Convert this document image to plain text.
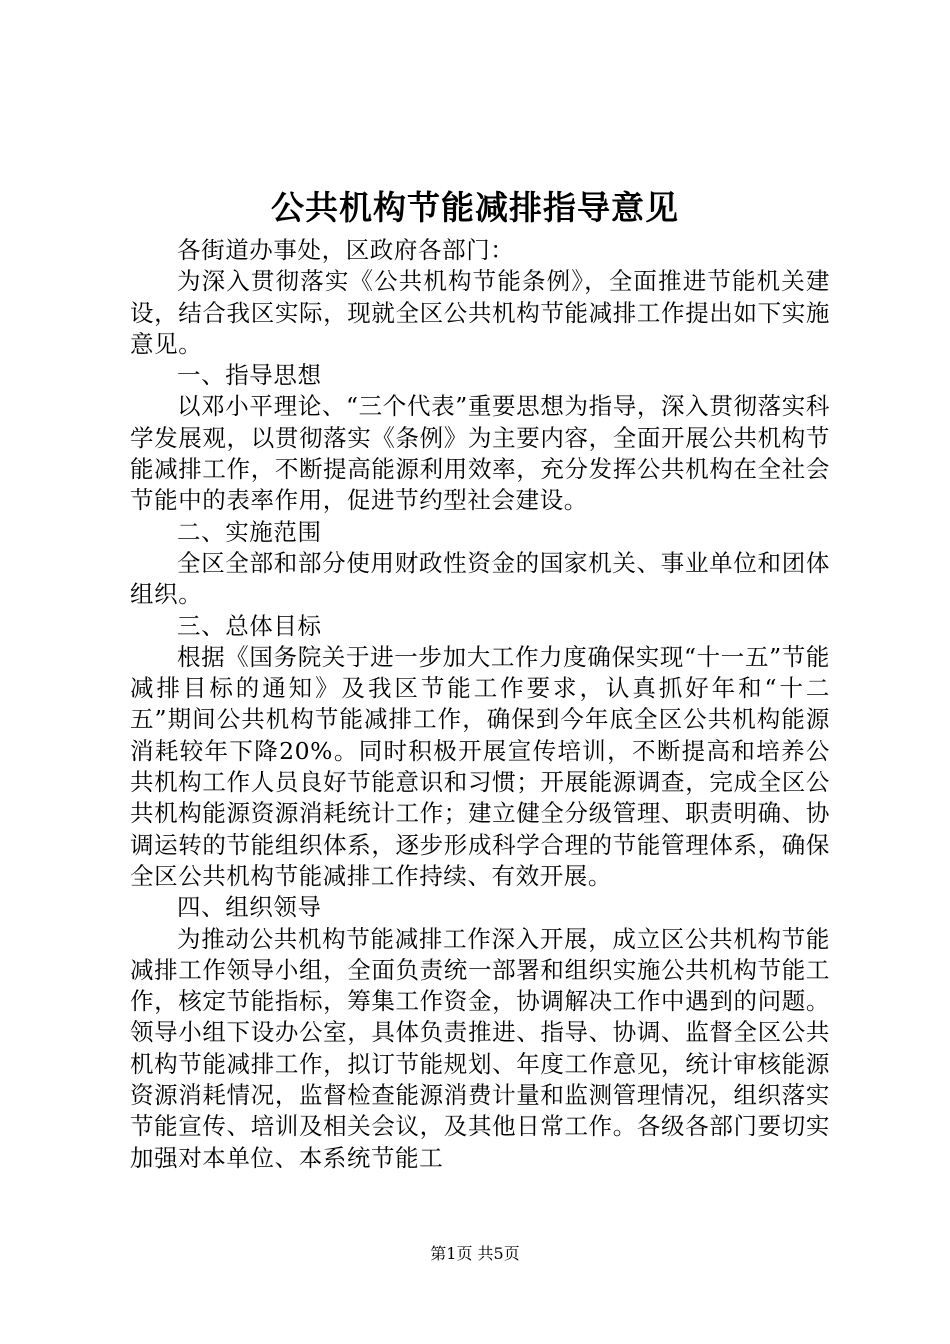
公共机构节能减排指导意见

各街道办事处，区政府各部门：

为深入贯彻落实《公共机构节能条例》，全面推进节能机关建设，结合我区实际，现就全区公共机构节能减排工作提出如下实施意见。

一、指导思想

以邓小平理论、“三个代表”重要思想为指导，深入贯彻落实科学发展观，以贯彻落实《条例》为主要内容，全面开展公共机构节能减排工作，不断提高能源利用效率，充分发挥公共机构在全社会节能中的表率作用，促进节约型社会建设。

二、实施范围

全区全部和部分使用财政性资金的国家机关、事业单位和团体组织。

三、总体目标

根据《国务院关于进一步加大工作力度确保实现“十一五”节能减排目标的通知》及我区节能工作要求，认真抓好年和“十二五”期间公共机构节能减排工作，确保到今年底全区公共机构能源消耗较年下降20%。同时积极开展宣传培训，不断提高和培养公共机构工作人员良好节能意识和习惯；开展能源调查，完成全区公共机构能源资源消耗统计工作；建立健全分级管理、职责明确、协调运转的节能组织体系，逐步形成科学合理的节能管理体系，确保全区公共机构节能减排工作持续、有效开展。

四、组织领导

为推动公共机构节能减排工作深入开展，成立区公共机构节能减排工作领导小组，全面负责统一部署和组织实施公共机构节能工作，核定节能指标，筹集工作资金，协调解决工作中遇到的问题。领导小组下设办公室，具体负责推进、指导、协调、监督全区公共机构节能减排工作，拟订节能规划、年度工作意见，统计审核能源资源消耗情况，监督检查能源消费计量和监测管理情况，组织落实节能宣传、培训及相关会议，及其他日常工作。各级各部门要切实加强对本单位、本系统节能工

第1页 共5页
